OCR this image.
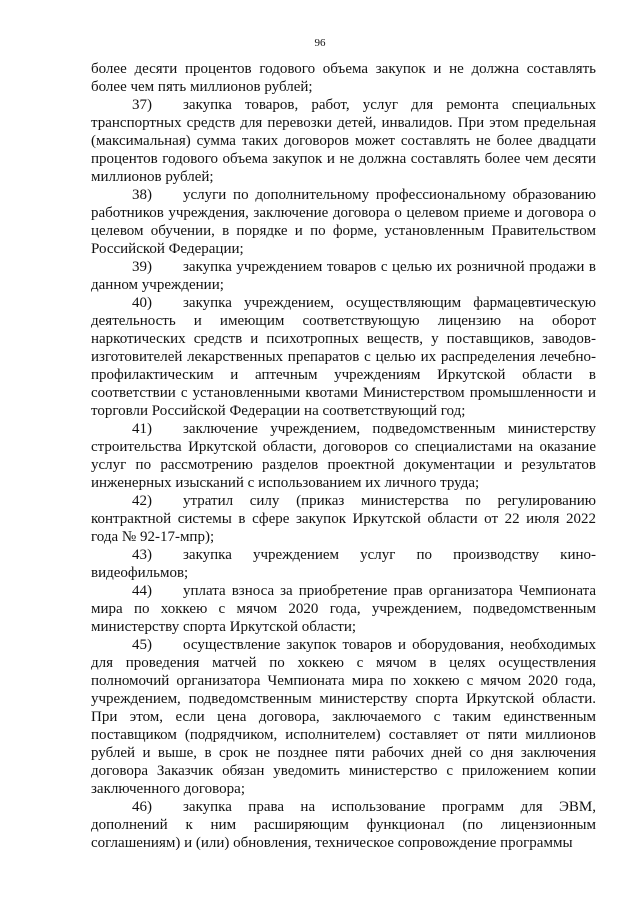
96
более десяти процентов годового объема закупок и не должна составлять
более чем пять миллионов рублей;
37) закупка товаров, работ, услуг для ремонта специальных
транспортных средств для перевозки детей, инвалидов. При этом предельная
(максимальная) сумма таких договоров может составлять не более двадцати
процентов годового объема закупок и не должна составлять более чем десяти
миллионов рублей;
38) услуги по дополнительному профессиональному образованию
работников учреждения, заключение договора о целевом приеме и договора о
целевом обучении, в порядке и по форме, установленным Правительством
Российской Федерации;
39) закупка учреждением товаров с целью их розничной продажи в
данном учреждении;
40) закупка учреждением, осуществляющим фармацевтическую
деятельность и имеющим соответствующую лицензию на оборот
наркотических средств и психотропных веществ, у поставщиков, заводов-
изготовителей лекарственных препаратов с целью их распределения лечебно-
профилактическим и аптечным учреждениям Иркутской области в
соответствии с установленными квотами Министерством промышленности и
торговли Российской Федерации на соответствующий год;
41) заключение учреждением, подведомственным министерству
строительства Иркутской области, договоров со специалистами на оказание
услуг по рассмотрению разделов проектной документации и результатов
инженерных изысканий с использованием их личного труда;
42) утратил силу (приказ министерства по регулированию
контрактной системы в сфере закупок Иркутской области от 22 июля 2022
года № 92-17-мпр);
43) закупка учреждением услуг по производству кино-
видеофильмов;
44) уплата взноса за приобретение прав организатора Чемпионата
мира по хоккею с мячом 2020 года, учреждением, подведомственным
министерству спорта Иркутской области;
45) осуществление закупок товаров и оборудования, необходимых
для проведения матчей по хоккею с мячом в целях осуществления
полномочий организатора Чемпионата мира по хоккею с мячом 2020 года,
учреждением, подведомственным министерству спорта Иркутской области.
При этом, если цена договора, заключаемого с таким единственным
поставщиком (подрядчиком, исполнителем) составляет от пяти миллионов
рублей и выше, в срок не позднее пяти рабочих дней со дня заключения
договора Заказчик обязан уведомить министерство с приложением копии
заключенного договора;
46) закупка права на использование программ для ЭВМ,
дополнений к ним расширяющим функционал (по лицензионным
соглашениям) и (или) обновления, техническое сопровождение программы
